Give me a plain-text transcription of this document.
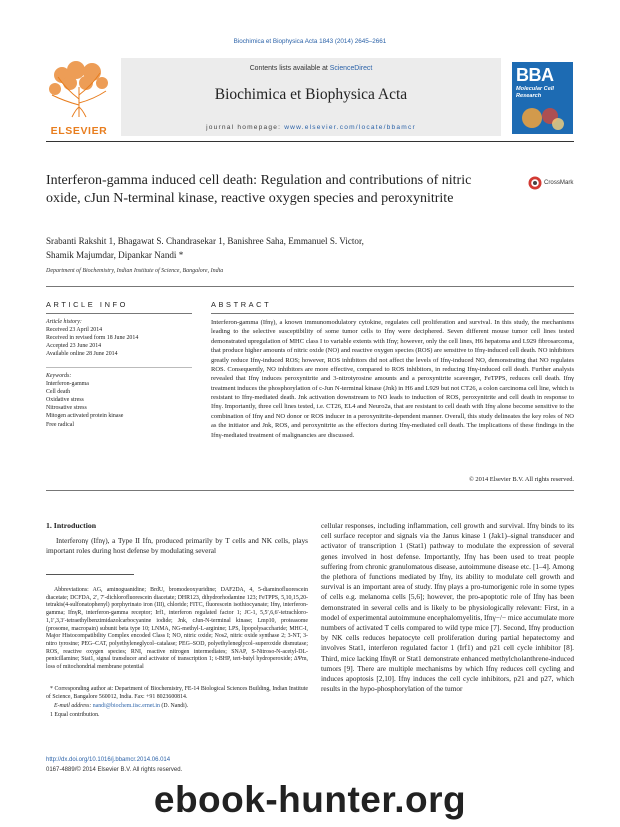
Biochimica et Biophysica Acta 1843 (2014) 2645–2661
ELSEVIER
Contents lists available at ScienceDirect
Biochimica et Biophysica Acta
journal homepage: www.elsevier.com/locate/bbamcr
BBA
Molecular Cell
Research
Interferon-gamma induced cell death: Regulation and contributions of nitric oxide, cJun N-terminal kinase, reactive oxygen species and peroxynitrite
CrossMark
Srabanti Rakshit 1, Bhagawat S. Chandrasekar 1, Banishree Saha, Emmanuel S. Victor,
Shamik Majumdar, Dipankar Nandi *
Department of Biochemistry, Indian Institute of Science, Bangalore, India
ARTICLE INFO
Article history:
Received 23 April 2014
Received in revised form 18 June 2014
Accepted 23 June 2014
Available online 28 June 2014
Keywords:
Interferon-gamma
Cell death
Oxidative stress
Nitrosative stress
Mitogen activated protein kinase
Free radical
ABSTRACT

Interferon-gamma (Ifnγ), a known immunomodulatory cytokine, regulates cell proliferation and survival. In this study, the mechanisms leading to the selective susceptibility of some tumor cells to Ifnγ were deciphered. Seven different mouse tumor cell lines tested demonstrated upregulation of MHC class I to variable extents with Ifnγ; however, only the cell lines, H6 hepatoma and L929 fibrosarcoma, that produce higher amounts of nitric oxide (NO) and reactive oxygen species (ROS) are sensitive to Ifnγ-induced cell death. NO inhibitors greatly reduce Ifnγ-induced ROS; however, ROS inhibitors did not affect the levels of Ifnγ-induced NO, demonstrating that NO regulates ROS. Consequently, NO inhibitors are more effective, compared to ROS inhibitors, in reducing Ifnγ-induced cell death. Further analysis revealed that Ifnγ induces peroxynitrite and 3-nitrotyrosine amounts and a peroxynitrite scavenger, FeTPPS, reduces cell death. Ifnγ treatment induces the phosphorylation of c-Jun N-terminal kinase (Jnk) in H6 and L929 but not CT26, a colon carcinoma cell line, which is resistant to Ifnγ-mediated death. Jnk activation downstream to NO leads to induction of ROS, peroxynitrite and cell death in response to Ifnγ. Importantly, three cell lines tested, i.e. CT26, EL4 and Neuro2a, that are resistant to cell death with Ifnγ alone become sensitive to the combination of Ifnγ and NO donor or ROS inducer in a peroxynitrite-dependent manner. Overall, this study delineates the key roles of NO as the initiator and Jnk, ROS, and peroxynitrite as the effectors during Ifnγ-mediated cell death. The implications of these findings in the Ifnγ-mediated treatment of malignancies are discussed.

© 2014 Elsevier B.V. All rights reserved.
1. Introduction

Interferonγ (Ifnγ), a Type II Ifn, produced primarily by T cells and NK cells, plays important roles during host defense by modulating several

Abbreviations: AG, aminoguanidine; BrdU, bromodeoxyuridine; DAF2DA, 4, 5-diaminofluorescein diacetate; DCFDA, 2′, 7′-dichlorofluorescein diacetate; DHR123, dihydrorhodamine 123; FeTPPS, 5,10,15,20-tetrakis(4-sulfonatophenyl) porphyrinato iron (III), chloride; FITC, fluorescein isothiocyanate; Ifnγ, interferon-gamma; IfnγR, interferon-gamma receptor; Irf1, interferon regulated factor 1; JC-1, 5,5′,6,6′-tetrachloro-1,1′,3,3′-tetraethylbenzimidazolcarbocyanine iodide; Jnk, cJun-N-terminal kinase; Lmp10, proteasome (prosome, macropain) subunit beta type 10; LNMA, NG-methyl-L-arginine; LPS, lipopolysaccharide; MHC-I, Major Histocompatibility Complex encoded Class I; NO, nitric oxide; Nos2, nitric oxide synthase 2; 3-NT, 3-nitro tyrosine; PEG–CAT, polyethyleneglycol–catalase; PEG–SOD, polyethyleneglycol–superoxide dismutase; ROS, reactive oxygen species; RNI, reactive nitrogen intermediates; SNAP, S-Nitroso-N-acetyl-DL-penicillamine; Stat1, signal transducer and activator of transcription 1; t-BHP, tert-butyl hydroperoxide; ΔΨm, loss of mitochondrial membrane potential

* Corresponding author at: Department of Biochemistry, FE-14 Biological Sciences Building, Indian Institute of Science, Bangalore 560012, India. Fax: +91 8023600814.

E-mail address: nandi@biochem.iisc.ernet.in (D. Nandi).
1 Equal contribution.

cellular responses, including inflammation, cell growth and survival. Ifnγ binds to its cell surface receptor and signals via the Janus kinase 1 (Jak1)–signal transducer and activator of transcription 1 (Stat1) pathway to modulate the expression of several genes involved in host defense. Importantly, Ifnγ has been used to treat people suffering from chronic granulomatous disease, autoimmune disease etc. [1–4]. Among the plethora of functions mediated by Ifnγ, its ability to modulate cell growth and survival is an important area of study. Ifnγ plays a pro-tumorigenic role in some types of cells e.g. melanoma cells [5,6]; however, the pro-apoptotic role of Ifnγ has been demonstrated in several cells and is likely to be physiologically relevant: First, in a model of experimental autoimmune encephalomyelitis, Ifnγ−/− mice accumulate more numbers of activated T cells compared to wild type mice [7]. Second, Ifnγ production by NK cells reduces hepatocyte cell proliferation during partial hepatectomy and involves Stat1, interferon regulated factor 1 (Irf1) and p21 cell cycle inhibitor [8]. Third, mice lacking IfnγR or Stat1 demonstrate enhanced methylcholanthrene-induced tumors [9]. There are multiple mechanisms by which Ifnγ reduces cell cycling and induces apoptosis [2,10]. Ifnγ induces the cell cycle inhibitors, p21 and p27, which results in the hypo-phosphorylation of the tumor

http://dx.doi.org/10.1016/j.bbamcr.2014.06.014
0167-4889/© 2014 Elsevier B.V. All rights reserved.
ebook-hunter.org
